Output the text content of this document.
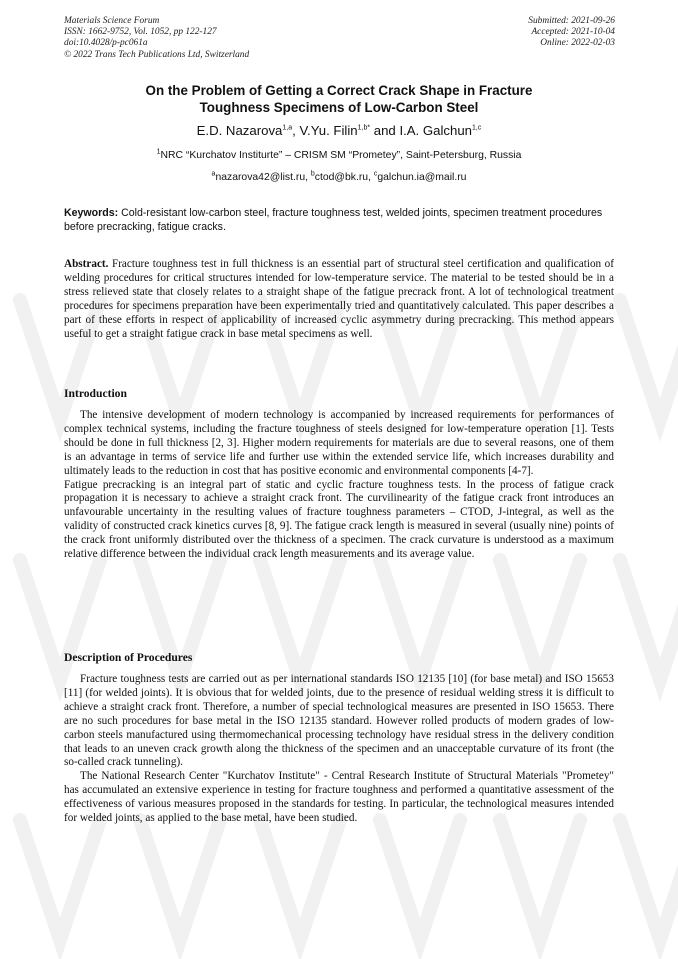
Materials Science Forum
ISSN: 1662-9752, Vol. 1052, pp 122-127
doi:10.4028/p-pc061a
© 2022 Trans Tech Publications Ltd, Switzerland
Submitted: 2021-09-26
Accepted: 2021-10-04
Online: 2022-02-03
On the Problem of Getting a Correct Crack Shape in Fracture
Toughness Specimens of Low-Carbon Steel
E.D. Nazarova$^{1,a}$, V.Yu. Filin$^{1,b*}$ and I.A. Galchun$^{1,c}$
$^1$NRC “Kurchatov Institurte” – CRISM SM “Prometey”, Saint-Petersburg, Russia
$^a$nazarova42@list.ru, $^b$ctod@bk.ru, $^c$galchun.ia@mail.ru
Keywords: Cold-resistant low-carbon steel, fracture toughness test, welded joints, specimen treatment procedures before precracking, fatigue cracks.

Abstract. Fracture toughness test in full thickness is an essential part of structural steel certification and qualification of welding procedures for critical structures intended for low-temperature service. The material to be tested should be in a stress relieved state that closely relates to a straight shape of the fatigue precrack front. A lot of technological treatment procedures for specimens preparation have been experimentally tried and quantitatively calculated. This paper describes a part of these efforts in respect of applicability of increased cyclic asymmetry during precracking. This method appears useful to get a straight fatigue crack in base metal specimens as well.

Introduction

The intensive development of modern technology is accompanied by increased requirements for performances of complex technical systems, including the fracture toughness of steels designed for low-temperature operation [1]. Tests should be done in full thickness [2, 3]. Higher modern requirements for materials are due to several reasons, one of them is an advantage in terms of service life and further use within the extended service life, which increases durability and ultimately leads to the reduction in cost that has positive economic and environmental components [4-7].

Fatigue precracking is an integral part of static and cyclic fracture toughness tests. In the process of fatigue crack propagation it is necessary to achieve a straight crack front. The curvilinearity of the fatigue crack front introduces an unfavourable uncertainty in the resulting values of fracture toughness parameters – CTOD, J-integral, as well as the validity of constructed crack kinetics curves [8, 9]. The fatigue crack length is measured in several (usually nine) points of the crack front uniformly distributed over the thickness of a specimen. The crack curvature is understood as a maximum relative difference between the individual crack length measurements and its average value.

Description of Procedures

Fracture toughness tests are carried out as per international standards ISO 12135 [10] (for base metal) and ISO 15653 [11] (for welded joints). It is obvious that for welded joints, due to the presence of residual welding stress it is difficult to achieve a straight crack front. Therefore, a number of special technological measures are presented in ISO 15653. There are no such procedures for base metal in the ISO 12135 standard. However rolled products of modern grades of low-carbon steels manufactured using thermomechanical processing technology have residual stress in the delivery condition that leads to an uneven crack growth along the thickness of the specimen and an unacceptable curvature of its front (the so-called crack tunneling).

The National Research Center "Kurchatov Institute" - Central Research Institute of Structural Materials "Prometey" has accumulated an extensive experience in testing for fracture toughness and performed a quantitative assessment of the effectiveness of various measures proposed in the standards for testing. In particular, the technological measures intended for welded joints, as applied to the base metal, have been studied.
